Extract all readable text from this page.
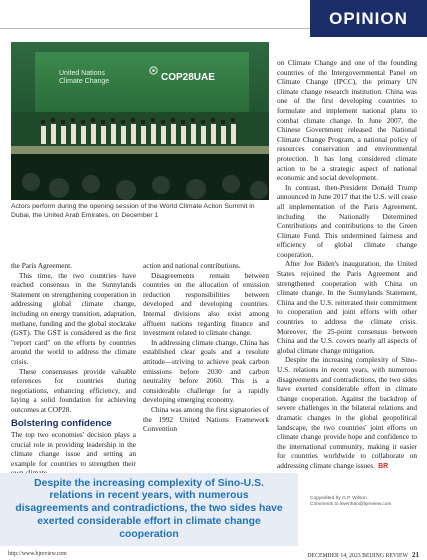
OPINION
United Nations
Climate Change	COP28UAE
Actors perform during the opening session of the World Climate Action Summit in Dubai, the United Arab Emirates, on December 1

the Paris Agreement.

This time, the two countries have reached consensus in the Sunnylands Statement on strengthening cooperation in addressing global climate change, including on energy transition, adaptation, methane, funding and the global stocktake (GST). The GST is considered as the first "report card" on the efforts by countries around the world to address the climate crisis.

These consensuses provide valuable references for countries during negotiations, enhancing efficiency, and laying a solid foundation for achieving outcomes at COP28.

Bolstering confidence

The top two economies' decision plays a crucial role in providing leadership in the climate change issue and setting an example for countries to strengthen their

action and national contributions.

Disagreements remain between countries on the allocation of emission reduction responsibilities between developed and developing countries. Internal divisions also exist among affluent nations regarding finance and investment related to climate change.

In addressing climate change, China has established clear goals and a resolute attitude—striving to achieve peak carbon emissions before 2030 and carbon neutrality before 2060. This is a considerable challenge for a rapidly developing emerging economy.

China was among the first signatories of the 1992 United Nations Framework Convention

on Climate Change and one of the founding countries of the Intergovernmental Panel on Climate Change (IPCC), the primary UN climate change research institution. China was one of the first developing countries to formulate and implement national plans to combat climate change. In June 2007, the Chinese Government released the National Climate Change Program, a national policy of resources conservation and environmental protection. It has long considered climate action to be a strategic aspect of national economic and social development.

In contrast, then-President Donald Trump announced in June 2017 that the U.S. will cease all implementation of the Paris Agreement, including the Nationally Determined Contributions and contributions to the Green Climate Fund. This undermined fairness and efficiency of global climate change cooperation.

After Joe Biden's inauguration, the United States rejoined the Paris Agreement and strengthened cooperation with China on climate change. In the Sunnylands Statement, China and the U.S. reiterated their commitment to cooperation and joint efforts with other countries to address the climate crisis. Moreover, the 25-point consensus between China and the U.S. covers nearly all aspects of global climate change mitigation.

Despite the increasing complexity of Sino-U.S. relations in recent years, with numerous disagreements and contradictions, the two sides have exerted considerable effort in climate change cooperation. Against the backdrop of severe challenges in the bilateral relations and dramatic changes in the global geopolitical landscape, the two countries' joint efforts on climate change provide hope and confidence to the international community, making it easier for countries worldwide to collaborate on addressing climate change issues. BR

Despite the increasing complexity of Sino-U.S. relations in recent years, with numerous disagreements and contradictions, the two sides have exerted considerable effort in climate change cooperation
Copyedited by G.P. Wilson
Comments to liwenhan@bjreview.com
http://www.bjreview.com	DECEMBER 14, 2023 BEIJING REVIEW 21
